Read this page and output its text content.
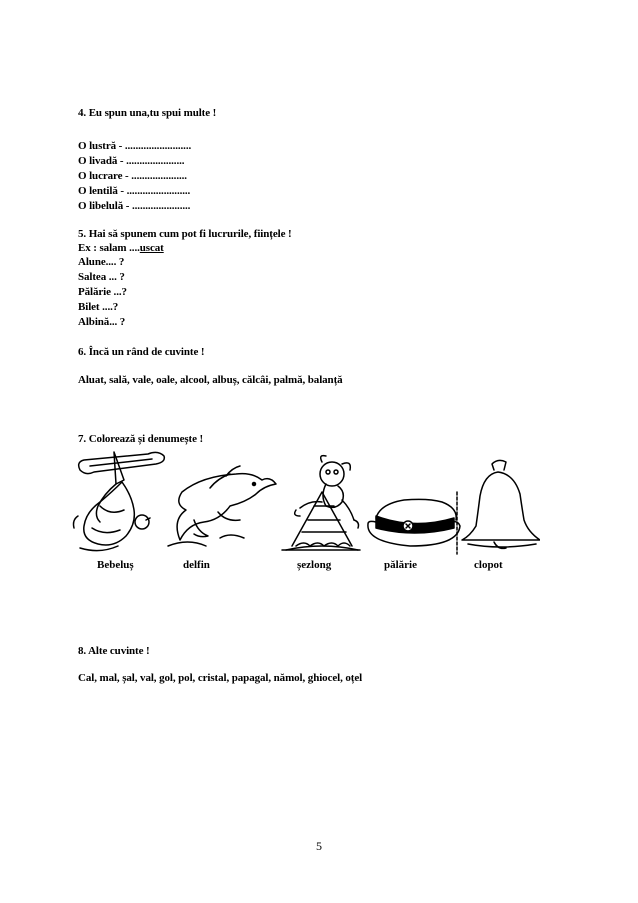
4. Eu spun una,tu spui multe !
O lustră - .........................
O livadă - ......................
O lucrare - .....................
O lentilă - ........................
O libelulă - ......................
5. Hai să spunem cum pot fi lucrurile, ființele !
Ex : salam ....uscat
Alune.... ?
Saltea ... ?
Pălărie ...?
Bilet ....?
Albină... ?
6. Încă un rând de cuvinte !
Aluat, sală, vale, oale, alcool, albuș, călcâi, palmă, balanță
7. Colorează și denumește !
Bebeluș	delfin	șezlong	pălărie	clopot
8. Alte cuvinte !
Cal, mal, șal, val, gol, pol, cristal, papagal, nămol, ghiocel, oțel
5
